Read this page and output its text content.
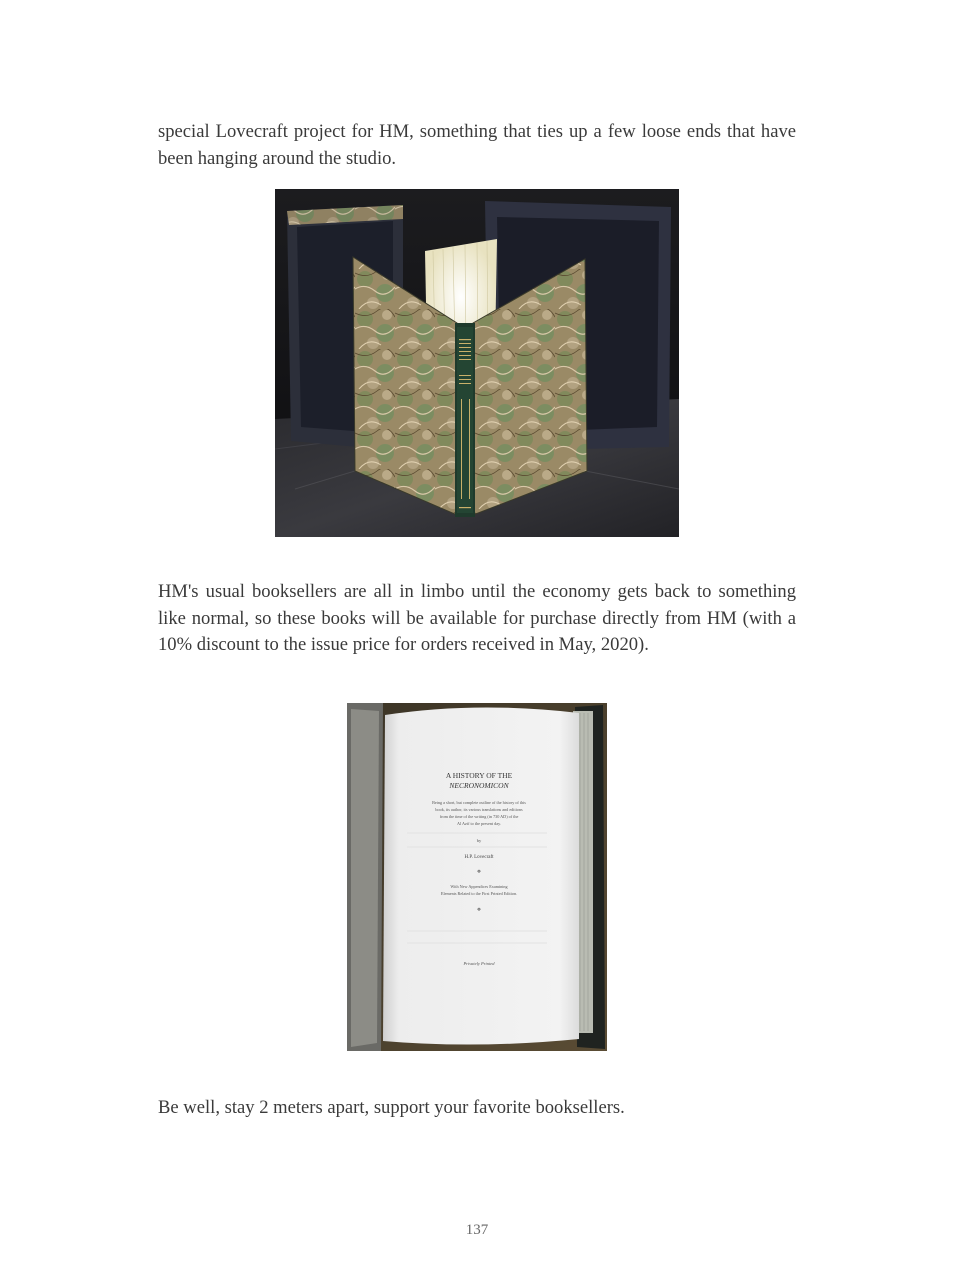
special Lovecraft project for HM, something that ties up a few loose ends that have been hanging around the studio.

HM's usual booksellers are all in limbo until the economy gets back to something like normal, so these books will be available for purchase directly from HM (with a 10% discount to the issue price for orders received in May, 2020).

A HISTORY OF THE
NECRONOMICON
Being a short, but complete outline of the history of this
book, its author, its various translations and editions
from the time of the writing (in 730 AD) of the
Al Azif to the present day.
by
H.P. Lovecraft
❖
With New Appendices Examining
Elements Related to the First Printed Edition.
❖
Privately Printed

Be well, stay 2 meters apart, support your favorite booksellers.

137
